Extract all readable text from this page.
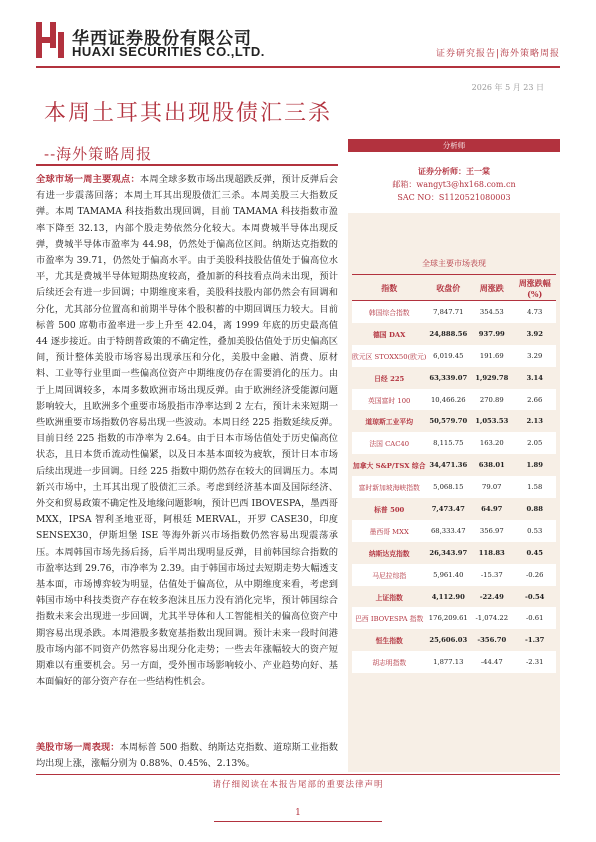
华西证券股份有限公司
HUAXI SECURITIES CO.,LTD.	证券研究报告|海外策略周报
2026 年 5 月 23 日
本周土耳其出现股债汇三杀
--海外策略周报
全球市场一周主要观点：本周全球多数市场出现超跌反弹，预计反弹后会有进一步震荡回落；本周土耳其出现股债汇三杀。本周美股三大指数反弹。本周 TAMAMA 科技指数出现回调，目前 TAMAMA 科技指数市盈率下降至 32.13，内部个股走势依然分化较大。本周费城半导体出现反弹，费城半导体市盈率为 44.98，仍然处于偏高位区间。纳斯达克指数的市盈率为 39.71，仍然处于偏高水平。由于美股科技股估值处于偏高位水平，尤其是费城半导体短期热度较高，叠加新的科技看点尚未出现，预计后续还会有进一步回调；中期维度来看，美股科技股内部仍然会有回调和分化，尤其部分位置高和前期半导体个股积蓄的中期回调压力较大。目前标普 500 席勒市盈率进一步上升至 42.04，离 1999 年底的历史最高值 44 逐步接近。由于特朗普政策的不确定性，叠加美股估值处于历史偏高区间，预计整体美股市场容易出现承压和分化，美股中金融、消费、原材料、工业等行业里面一些偏高位资产中期维度仍存在需要消化的压力。由于上周回调较多，本周多数欧洲市场出现反弹。由于欧洲经济受能源问题影响较大，且欧洲多个重要市场股指市净率达到 2 左右，预计未来短期一些欧洲重要市场指数仍容易出现一些波动。本周日经 225 指数延续反弹。目前日经 225 指数的市净率为 2.64。由于日本市场估值处于历史偏高位状态，且日本货币流动性偏紧，以及日本基本面较为疲软，预计日本市场后续出现进一步回调。日经 225 指数中期仍然存在较大的回调压力。本周新兴市场中，土耳其出现了股债汇三杀。考虑到经济基本面及国际经济、外交和贸易政策不确定性及地缘问题影响，预计巴西 IBOVESPA，墨西哥 MXX，IPSA 智利圣地亚哥，阿根廷 MERVAL，开罗 CASE30，印度 SENSEX30，伊斯坦堡 ISE 等海外新兴市场指数仍然容易出现震荡承压。本周韩国市场先扬后扬，后半周出现明显反弹，目前韩国综合指数的市盈率达到 29.76，市净率为 2.39。由于韩国市场过去短期走势大幅透支基本面，市场博弈较为明显，估值处于偏高位，从中期维度来看，考虑到韩国市场中科技类资产存在较多泡沫且压力没有消化完毕，预计韩国综合指数未来会出现进一步回调，尤其半导体和人工智能相关的偏高位资产中期容易出现杀跌。本周港股多数宽基指数出现回调。预计未来一段时间港股市场内部不同资产仍然容易出现分化走势；一些去年涨幅较大的资产短期难以有重要机会。另一方面，受外围市场影响较小、产业趋势向好、基本面偏好的部分资产存在一些结构性机会。
美股市场一周表现：本周标普 500 指数、纳斯达克指数、道琼斯工业指数均出现上涨，涨幅分别为 0.88%、0.45%、2.13%。
分析师
证券分析师：王一棠
邮箱：wangyt3@hx168.com.cn
SAC NO：S1120521080003
全球主要市场表现
指数	收盘价	周涨跌	周涨跌幅(%)
韩国综合指数	7,847.71	354.53	4.73
德国 DAX	24,888.56	937.99	3.92
欧元区 STOXX50(欧元)	6,019.45	191.69	3.29
日经 225	63,339.07	1,929.78	3.14
英国富时 100	10,466.26	270.89	2.66
道琼斯工业平均	50,579.70	1,053.53	2.13
法国 CAC40	8,115.75	163.20	2.05
加拿大 S&P/TSX 综合	34,471.36	638.01	1.89
富时新加坡海峡指数	5,068.15	79.07	1.58
标普 500	7,473.47	64.97	0.88
墨西哥 MXX	68,333.47	356.97	0.53
纳斯达克指数	26,343.97	118.83	0.45
马尼拉综指	5,961.40	-15.37	-0.26
上证指数	4,112.90	-22.49	-0.54
巴西 IBOVESPA 指数	176,209.61	-1,074.22	-0.61
恒生指数	25,606.03	-356.70	-1.37
胡志明指数	1,877.13	-44.47	-2.31
请仔细阅读在本报告尾部的重要法律声明
1
